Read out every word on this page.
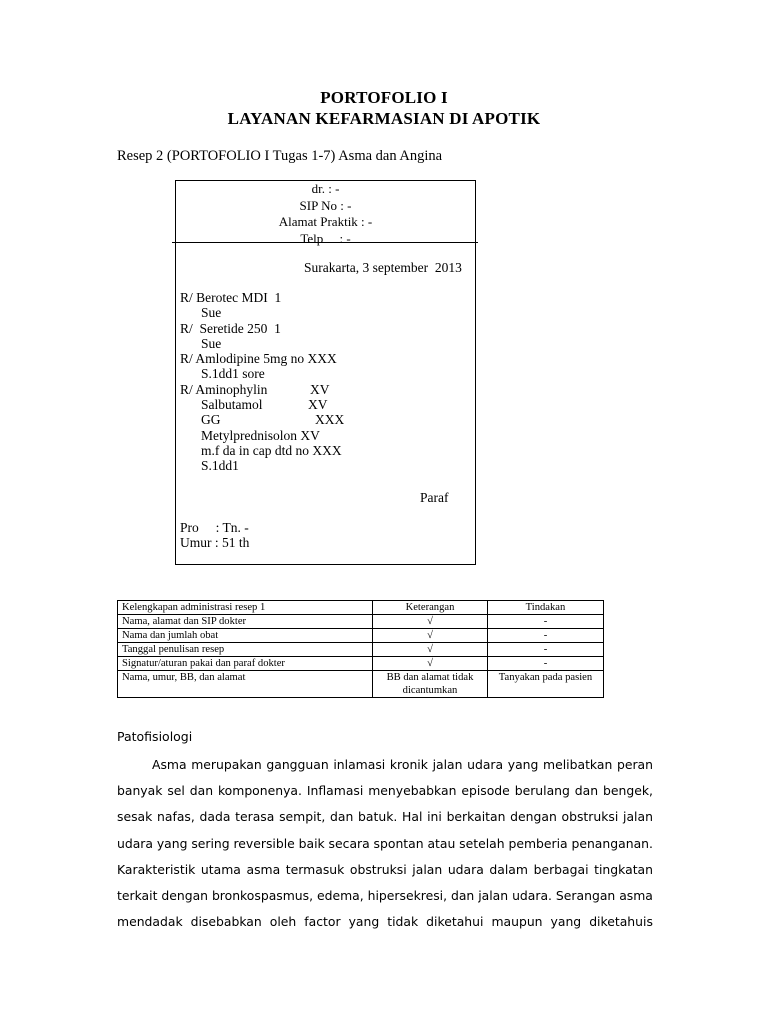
PORTOFOLIO I
LAYANAN KEFARMASIAN DI APOTIK
Resep 2 (PORTOFOLIO I Tugas 1-7) Asma dan Angina
dr. : -
SIP No : -
Alamat Praktik : -
Telp     : -
Surakarta, 3 september  2013
R/ Berotec MDI  1
Sue
R/  Seretide 250  1
Sue
R/ Amlodipine 5mg no XXX
S.1dd1 sore
R/ Aminophylin	XV
Salbutamol	XV
GG	XXX
Metylprednisolon XV
m.f da in cap dtd no XXX
S.1dd1
Paraf
Pro     : Tn. -
Umur : 51 th
Kelengkapan administrasi resep 1	Keterangan	Tindakan
Nama, alamat dan SIP dokter	√	-
Nama dan jumlah obat	√	-
Tanggal penulisan resep	√	-
Signatur/aturan pakai dan paraf dokter	√	-
Nama, umur, BB, dan alamat	BB dan alamat tidak dicantumkan	Tanyakan pada pasien
Patofisiologi
Asma merupakan gangguan inlamasi kronik jalan udara yang melibatkan peran
banyak sel dan komponenya. Inflamasi menyebabkan episode berulang dan bengek,
sesak nafas, dada terasa sempit, dan batuk. Hal ini berkaitan dengan obstruksi jalan
udara yang sering reversible baik secara spontan atau setelah pemberia penanganan.
Karakteristik utama asma termasuk obstruksi jalan udara dalam berbagai tingkatan
terkait dengan bronkospasmus, edema, hipersekresi, dan jalan udara. Serangan asma
mendadak disebabkan oleh factor yang tidak diketahui maupun yang diketahuis
